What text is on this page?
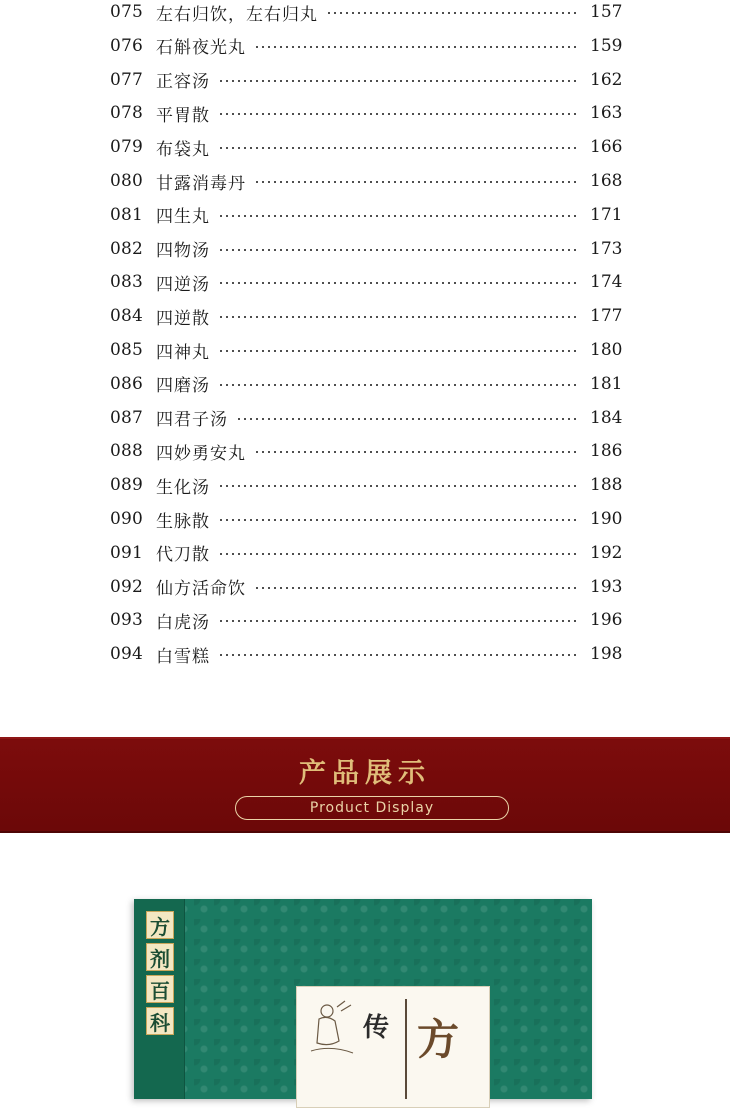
075 左右归饮，左右归丸	157
076 石斛夜光丸	159
077 正容汤	162
078 平胃散	163
079 布袋丸	166
080 甘露消毒丹	168
081 四生丸	171
082 四物汤	173
083 四逆汤	174
084 四逆散	177
085 四神丸	180
086 四磨汤	181
087 四君子汤	184
088 四妙勇安丸	186
089 生化汤	188
090 生脉散	190
091 代刀散	192
092 仙方活命饮	193
093 白虎汤	196
094 白雪糕	198
产品展示
Product Display
方
剂
百
科	传 方
